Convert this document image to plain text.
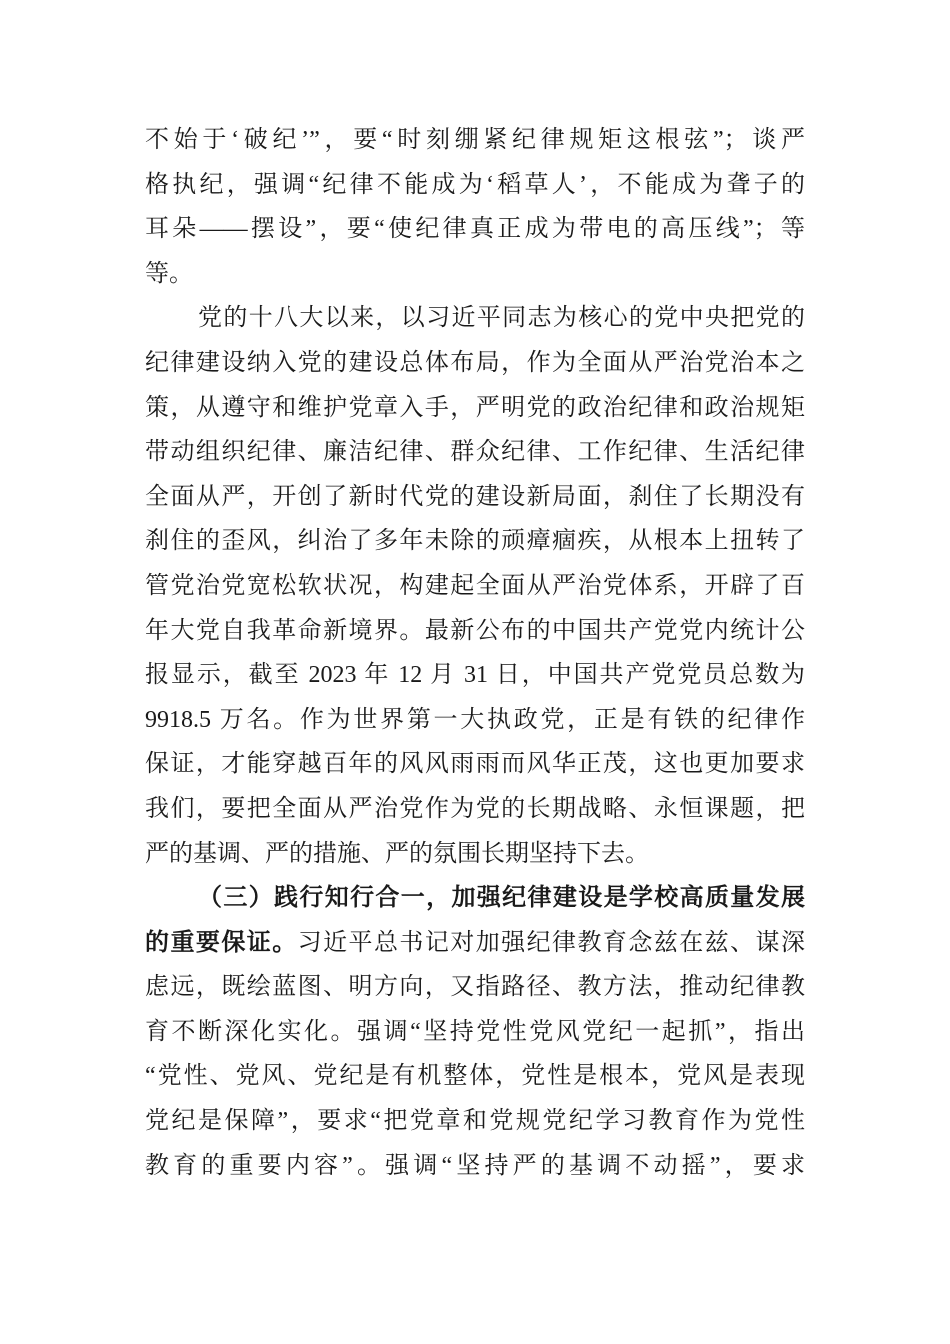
不始于‘破纪’”，要“时刻绷紧纪律规矩这根弦”；谈严
格执纪，强调“纪律不能成为‘稻草人’，不能成为聋子的
耳朵——摆设”，要“使纪律真正成为带电的高压线”；等
等。
党的十八大以来，以习近平同志为核心的党中央把党的
纪律建设纳入党的建设总体布局，作为全面从严治党治本之
策，从遵守和维护党章入手，严明党的政治纪律和政治规矩
带动组织纪律、廉洁纪律、群众纪律、工作纪律、生活纪律
全面从严，开创了新时代党的建设新局面，刹住了长期没有
刹住的歪风，纠治了多年未除的顽瘴痼疾，从根本上扭转了
管党治党宽松软状况，构建起全面从严治党体系，开辟了百
年大党自我革命新境界。最新公布的中国共产党党内统计公
报显示，截至 2023 年 12 月 31 日，中国共产党党员总数为
9918.5 万名。作为世界第一大执政党，正是有铁的纪律作
保证，才能穿越百年的风风雨雨而风华正茂，这也更加要求
我们，要把全面从严治党作为党的长期战略、永恒课题，把
严的基调、严的措施、严的氛围长期坚持下去。
（三）践行知行合一，加强纪律建设是学校高质量发展
的重要保证。习近平总书记对加强纪律教育念兹在兹、谋深
虑远，既绘蓝图、明方向，又指路径、教方法，推动纪律教
育不断深化实化。强调“坚持党性党风党纪一起抓”，指出
“党性、党风、党纪是有机整体，党性是根本，党风是表现
党纪是保障”，要求“把党章和党规党纪学习教育作为党性
教育的重要内容”。强调“坚持严的基调不动摇”，要求
